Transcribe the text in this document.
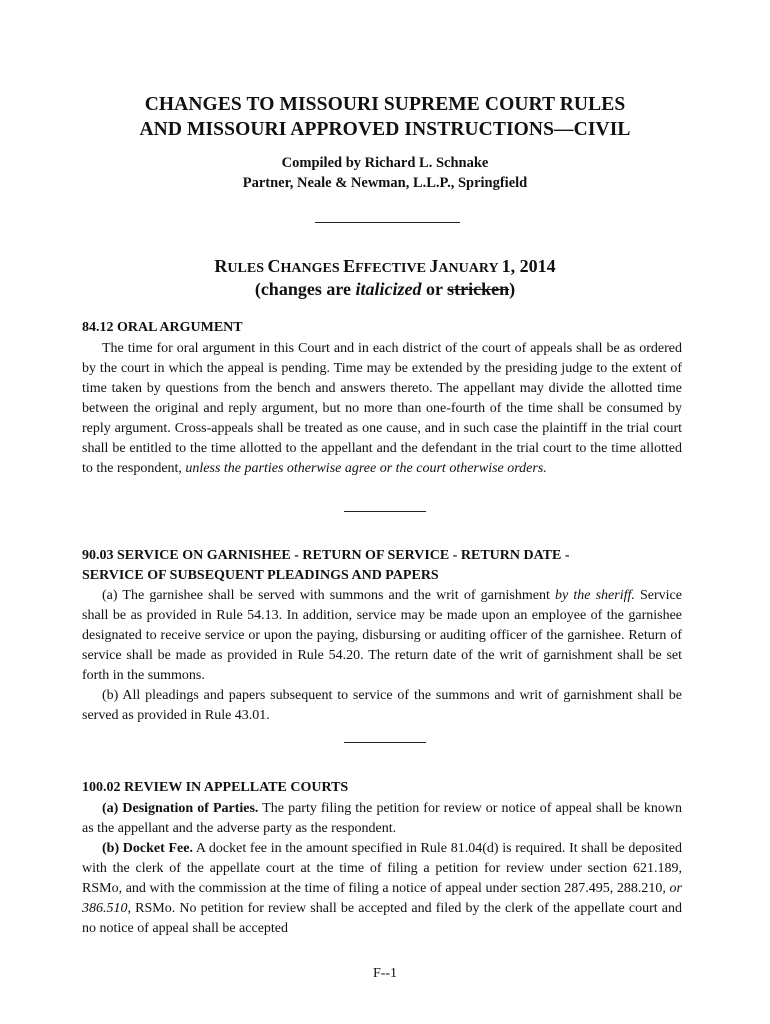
CHANGES TO MISSOURI SUPREME COURT RULES
AND MISSOURI APPROVED INSTRUCTIONS—CIVIL
Compiled by Richard L. Schnake
Partner, Neale & Newman, L.L.P., Springfield
RULES CHANGES EFFECTIVE JANUARY 1, 2014
(changes are italicized or stricken)
84.12 ORAL ARGUMENT

The time for oral argument in this Court and in each district of the court of appeals shall be as ordered by the court in which the appeal is pending. Time may be extended by the presiding judge to the extent of time taken by questions from the bench and answers thereto. The appellant may divide the allotted time between the original and reply argument, but no more than one-fourth of the time shall be consumed by reply argument. Cross-appeals shall be treated as one cause, and in such case the plaintiff in the trial court shall be entitled to the time allotted to the appellant and the defendant in the trial court to the time allotted to the respondent, unless the parties otherwise agree or the court otherwise orders.

90.03 SERVICE ON GARNISHEE - RETURN OF SERVICE - RETURN DATE -
SERVICE OF SUBSEQUENT PLEADINGS AND PAPERS

(a) The garnishee shall be served with summons and the writ of garnishment by the sheriff. Service shall be as provided in Rule 54.13. In addition, service may be made upon an employee of the garnishee designated to receive service or upon the paying, disbursing or auditing officer of the garnishee. Return of service shall be made as provided in Rule 54.20. The return date of the writ of garnishment shall be set forth in the summons.

(b) All pleadings and papers subsequent to service of the summons and writ of garnishment shall be served as provided in Rule 43.01.

100.02 REVIEW IN APPELLATE COURTS

(a) Designation of Parties. The party filing the petition for review or notice of appeal shall be known as the appellant and the adverse party as the respondent.

(b) Docket Fee. A docket fee in the amount specified in Rule 81.04(d) is required. It shall be deposited with the clerk of the appellate court at the time of filing a petition for review under section 621.189, RSMo, and with the commission at the time of filing a notice of appeal under section 287.495, 288.210, or 386.510, RSMo. No petition for review shall be accepted and filed by the clerk of the appellate court and no notice of appeal shall be accepted

F--1
